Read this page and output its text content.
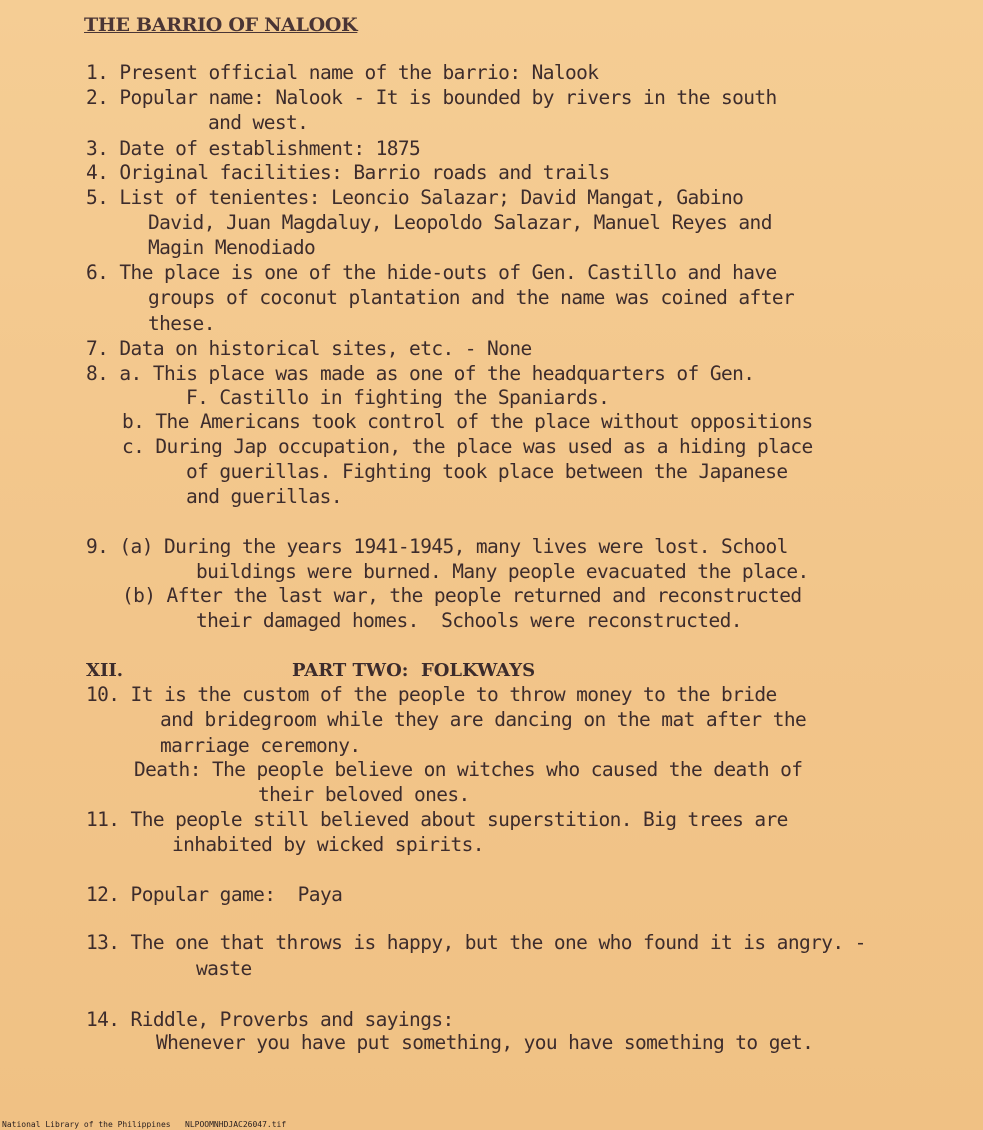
THE BARRIO OF NALOOK
1. Present official name of the barrio: Nalook
2. Popular name: Nalook - It is bounded by rivers in the south
and west.
3. Date of establishment: 1875
4. Original facilities: Barrio roads and trails
5. List of tenientes: Leoncio Salazar; David Mangat, Gabino
David, Juan Magdaluy, Leopoldo Salazar, Manuel Reyes and
Magin Menodiado
6. The place is one of the hide-outs of Gen. Castillo and have
groups of coconut plantation and the name was coined after
these.
7. Data on historical sites, etc. - None
8. a. This place was made as one of the headquarters of Gen.
F. Castillo in fighting the Spaniards.
b. The Americans took control of the place without oppositions
c. During Jap occupation, the place was used as a hiding place
of guerillas. Fighting took place between the Japanese
and guerillas.
9. (a) During the years 1941-1945, many lives were lost. School
buildings were burned. Many people evacuated the place.
(b) After the last war, the people returned and reconstructed
their damaged homes.  Schools were reconstructed.
XII.	PART TWO:  FOLKWAYS
10. It is the custom of the people to throw money to the bride
and bridegroom while they are dancing on the mat after the
marriage ceremony.
Death: The people believe on witches who caused the death of
their beloved ones.
11. The people still believed about superstition. Big trees are
inhabited by wicked spirits.
12. Popular game:  Paya
13. The one that throws is happy, but the one who found it is angry. -
waste
14. Riddle, Proverbs and sayings:
Whenever you have put something, you have something to get.
National Library of the Philippines NLPOOMNHDJAC26047.tif
